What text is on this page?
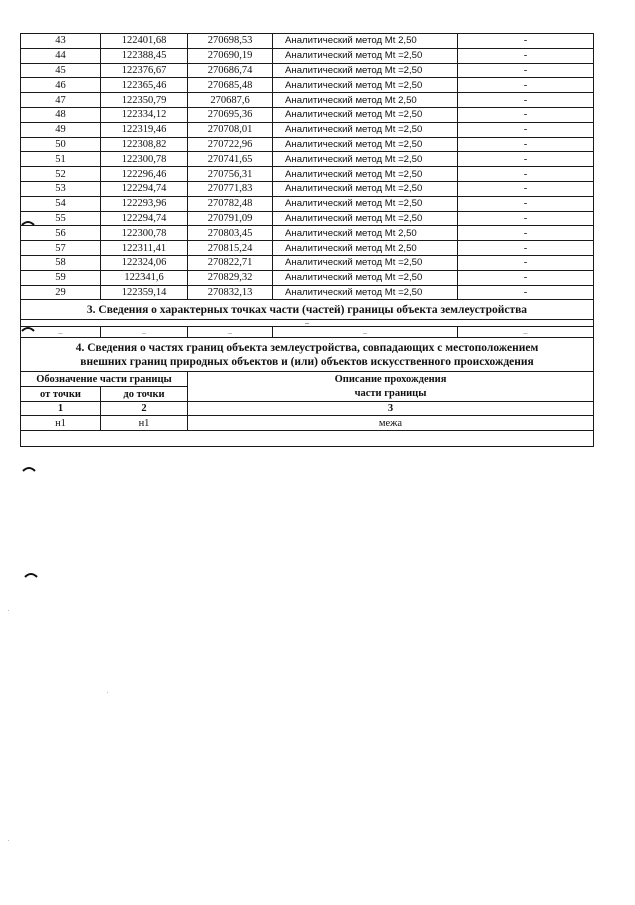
43	122401,68	270698,53	Аналитический метод Mt 2,50	-
44	122388,45	270690,19	Аналитический метод Mt =2,50	-
45	122376,67	270686,74	Аналитический метод Mt =2,50	-
46	122365,46	270685,48	Аналитический метод Mt =2,50	-
47	122350,79	270687,6	Аналитический метод Mt 2,50	-
48	122334,12	270695,36	Аналитический метод Mt =2,50	-
49	122319,46	270708,01	Аналитический метод Mt =2,50	-
50	122308,82	270722,96	Аналитический метод Mt =2,50	-
51	122300,78	270741,65	Аналитический метод Mt =2,50	-
52	122296,46	270756,31	Аналитический метод Mt =2,50	-
53	122294,74	270771,83	Аналитический метод Mt =2,50	-
54	122293,96	270782,48	Аналитический метод Mt =2,50	-
55	122294,74	270791,09	Аналитический метод Mt =2,50	-
56	122300,78	270803,45	Аналитический метод Mt 2,50	-
57	122311,41	270815,24	Аналитический метод Mt 2,50	-
58	122324,06	270822,71	Аналитический метод Mt =2,50	-
59	122341,6	270829,32	Аналитический метод Mt =2,50	-
29	122359,14	270832,13	Аналитический метод Mt =2,50	-
3. Сведения о характерных точках части (частей) границы объекта землеустройства				
–				
–	–	–	–	–
4. Сведения о частях границ объекта землеустройства, совпадающих с местоположением
внешних границ природных объектов и (или) объектов искусственного происхождения		

Обозначение части границы		Описание прохождения
части границы

от точки	до точки	
1	2	3
н1	н1	межа
